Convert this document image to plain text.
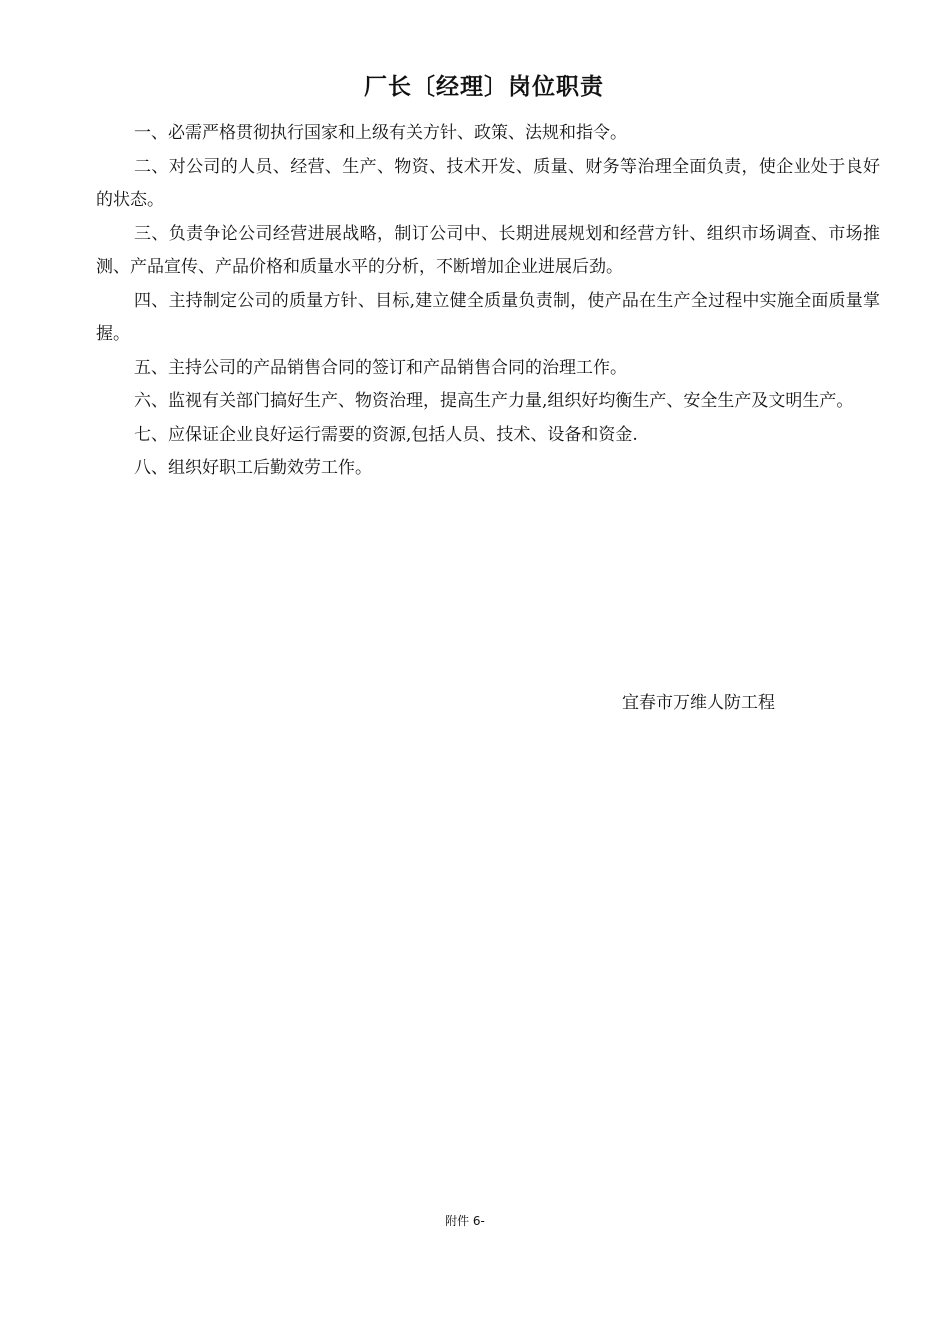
厂长〔经理〕岗位职责

一、必需严格贯彻执行国家和上级有关方针、政策、法规和指令。

二、对公司的人员、经营、生产、物资、技术开发、质量、财务等治理全面负责，使企业处于良好的状态。

三、负责争论公司经营进展战略，制订公司中、长期进展规划和经营方针、组织市场调查、市场推测、产品宣传、产品价格和质量水平的分析，不断增加企业进展后劲。

四、主持制定公司的质量方针、目标,建立健全质量负责制，使产品在生产全过程中实施全面质量掌握。

五、主持公司的产品销售合同的签订和产品销售合同的治理工作。

六、监视有关部门搞好生产、物资治理，提高生产力量,组织好均衡生产、安全生产及文明生产。

七、应保证企业良好运行需要的资源,包括人员、技术、设备和资金.

八、组织好职工后勤效劳工作。

宜春市万维人防工程
附件 6-
